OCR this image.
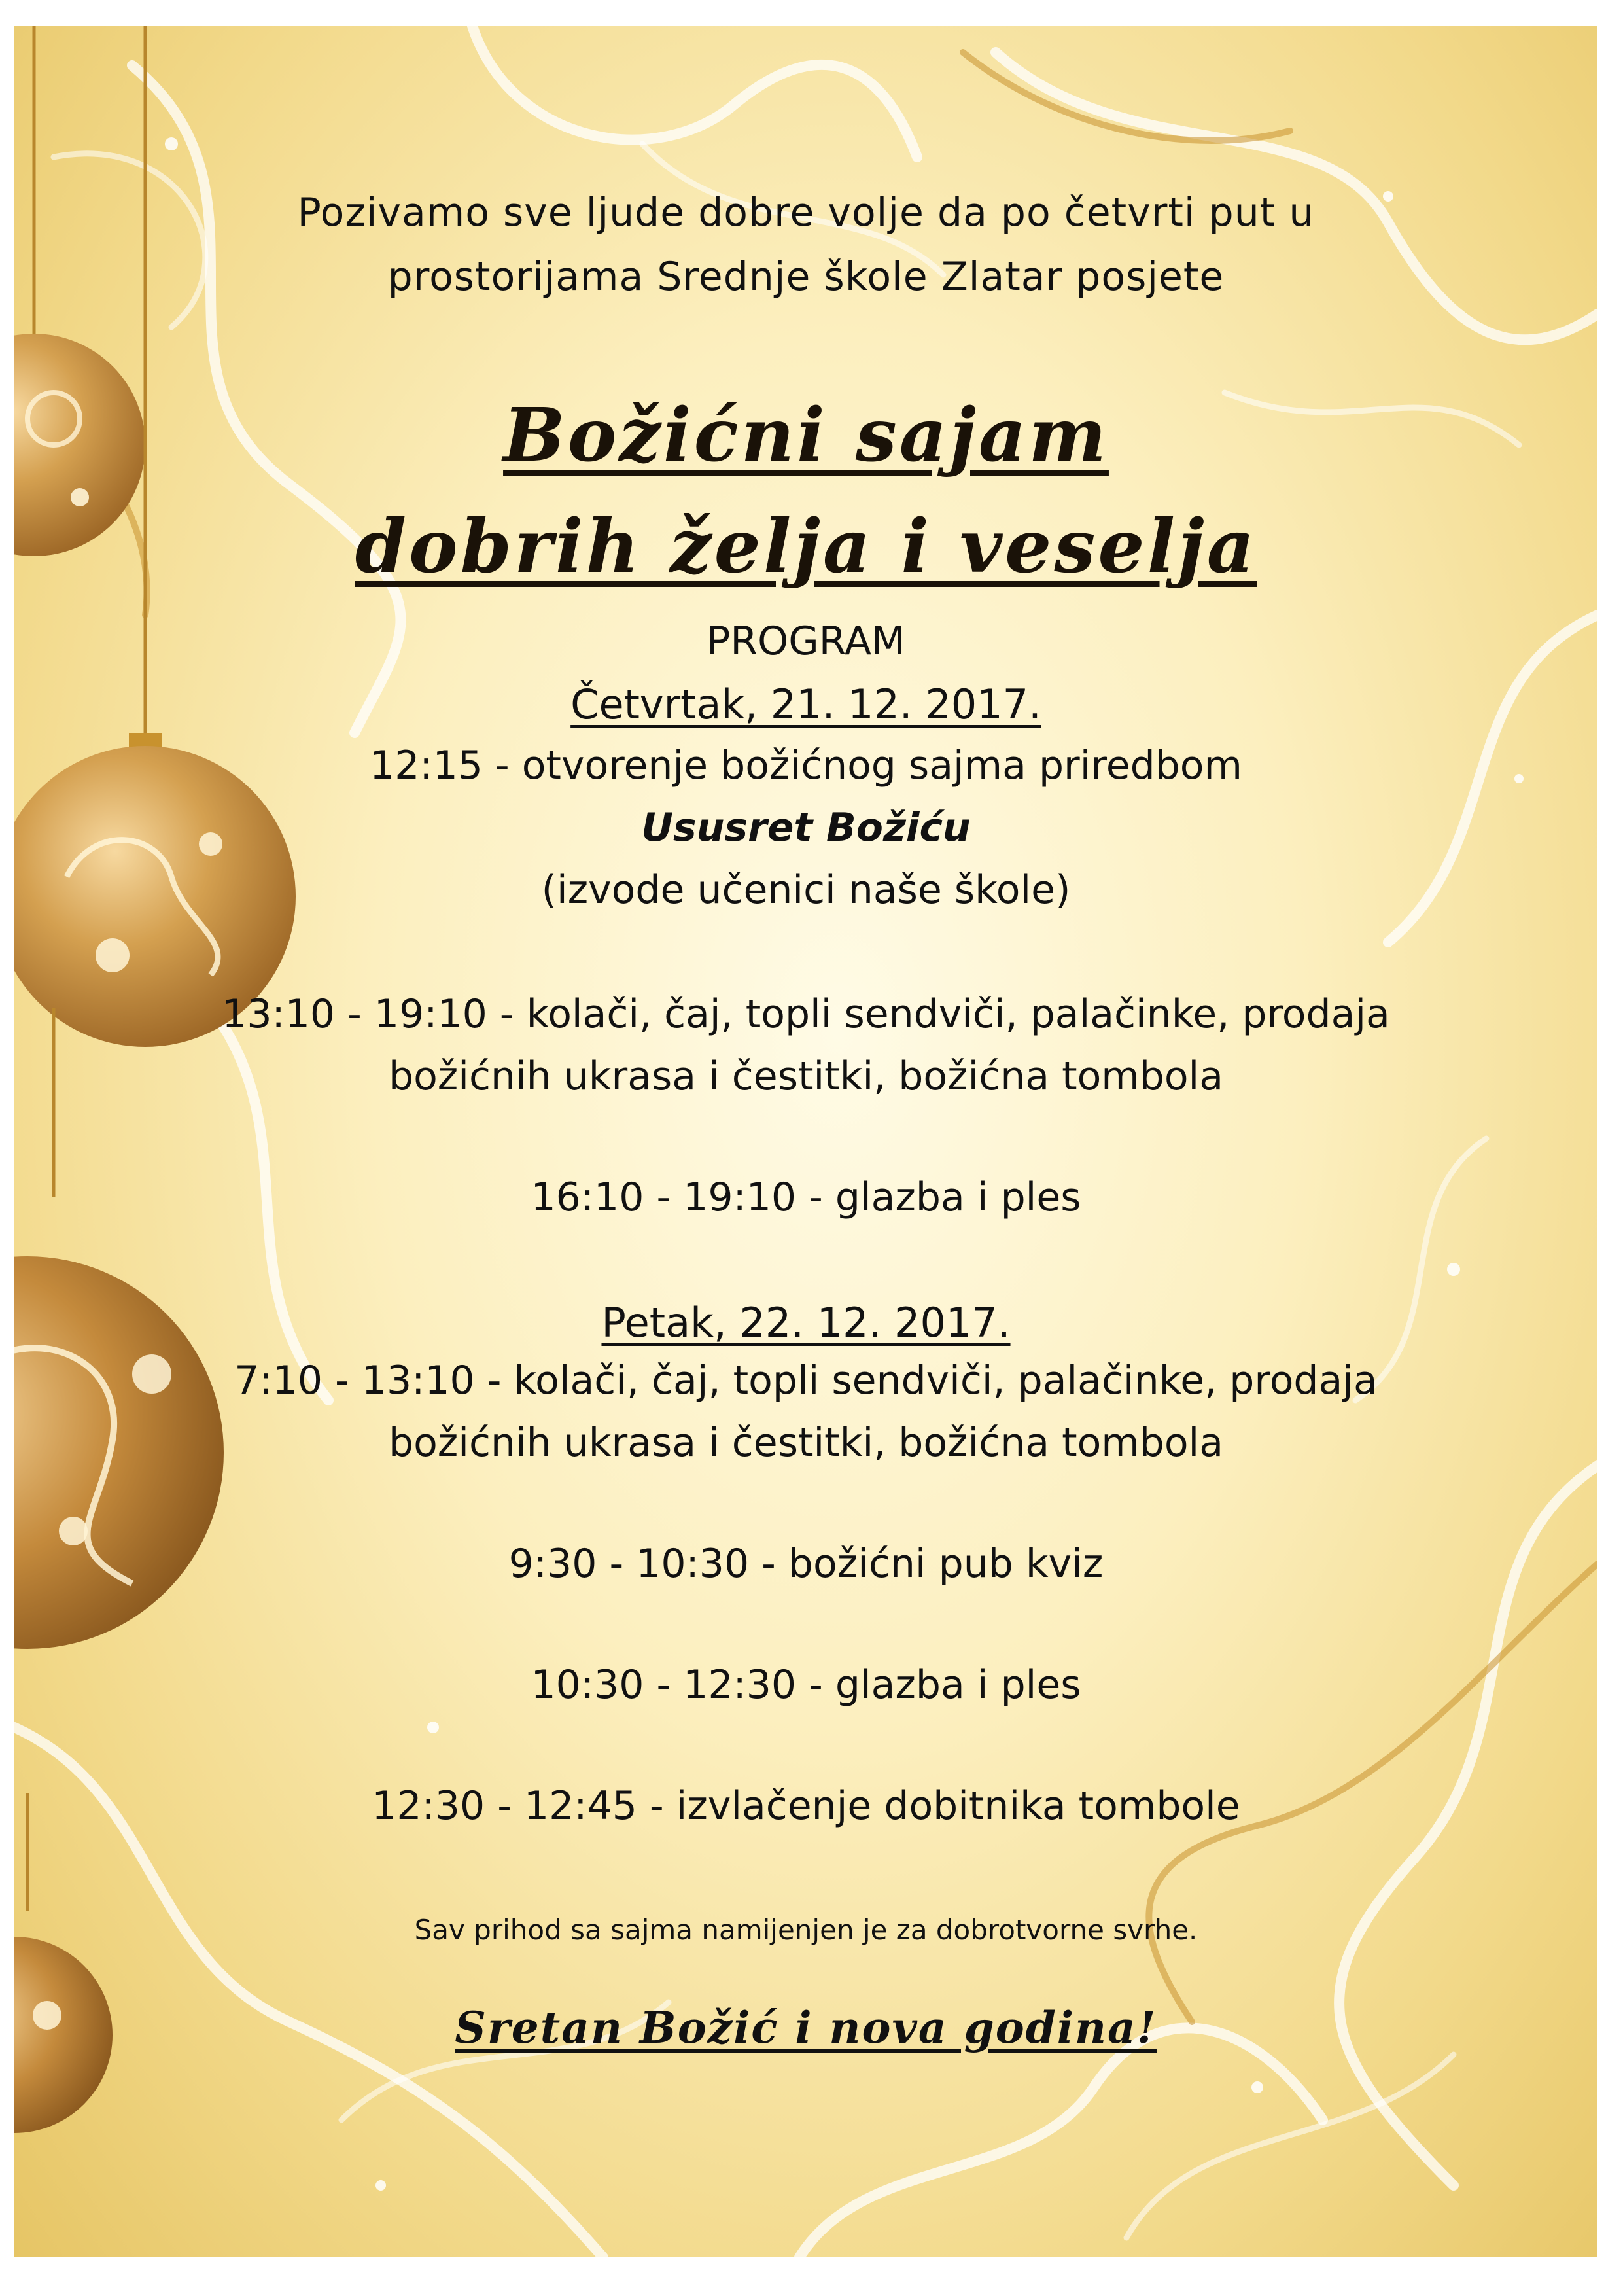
Pozivamo sve ljude dobre volje da po četvrti put u

prostorijama Srednje škole Zlatar posjete

Božićni sajam

dobrih želja i veselja

PROGRAM

Četvrtak, 21. 12. 2017.

12:15 - otvorenje božićnog sajma priredbom

Ususret Božiću

(izvode učenici naše škole)

13:10 - 19:10 - kolači, čaj, topli sendviči, palačinke, prodaja

božićnih ukrasa i čestitki, božićna tombola

16:10 - 19:10 - glazba i ples

Petak, 22. 12. 2017.

7:10 - 13:10 - kolači, čaj, topli sendviči, palačinke, prodaja

božićnih ukrasa i čestitki, božićna tombola

9:30 - 10:30 - božićni pub kviz

10:30 - 12:30 - glazba i ples

12:30 - 12:45 - izvlačenje dobitnika tombole

Sav prihod sa sajma namijenjen je za dobrotvorne svrhe.

Sretan Božić i nova godina!
